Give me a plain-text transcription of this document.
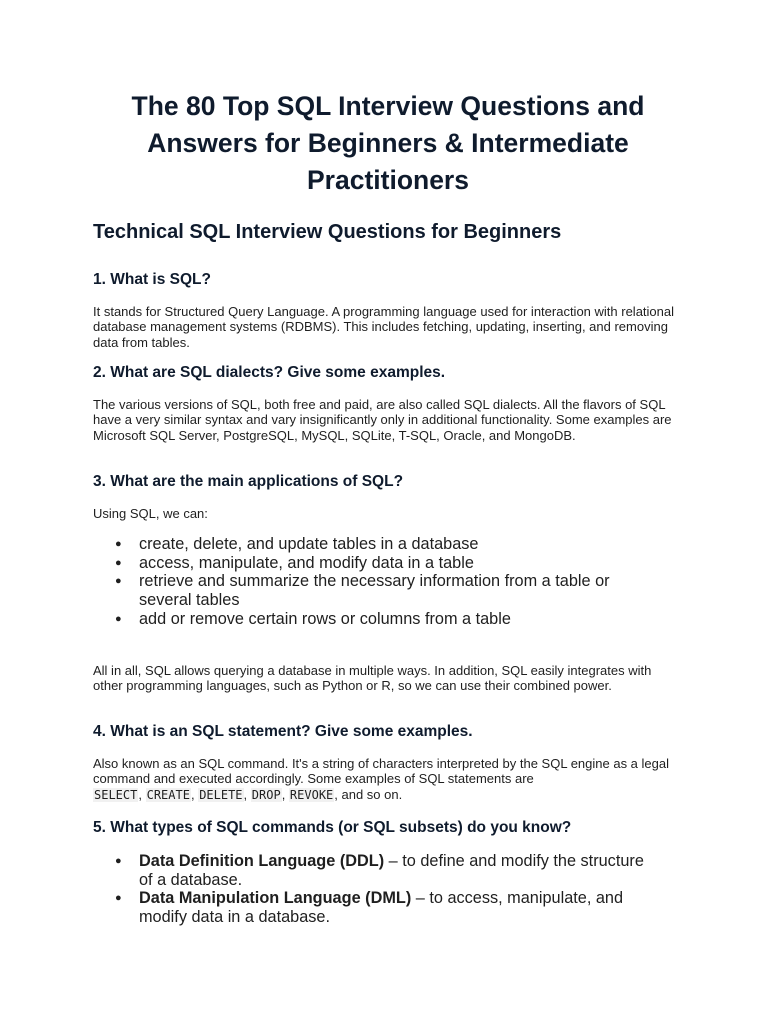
The 80 Top SQL Interview Questions and Answers for Beginners & Intermediate Practitioners
Technical SQL Interview Questions for Beginners
1. What is SQL?

It stands for Structured Query Language. A programming language used for interaction with relational database management systems (RDBMS). This includes fetching, updating, inserting, and removing data from tables.

2. What are SQL dialects? Give some examples.

The various versions of SQL, both free and paid, are also called SQL dialects. All the flavors of SQL have a very similar syntax and vary insignificantly only in additional functionality. Some examples are Microsoft SQL Server, PostgreSQL, MySQL, SQLite, T-SQL, Oracle, and MongoDB.

3. What are the main applications of SQL?

Using SQL, we can:

● create, delete, and update tables in a database
● access, manipulate, and modify data in a table
● retrieve and summarize the necessary information from a table or several tables
● add or remove certain rows or columns from a table

All in all, SQL allows querying a database in multiple ways. In addition, SQL easily integrates with other programming languages, such as Python or R, so we can use their combined power.

4. What is an SQL statement? Give some examples.

Also known as an SQL command. It's a string of characters interpreted by the SQL engine as a legal command and executed accordingly. Some examples of SQL statements are
SELECT, CREATE, DELETE, DROP, REVOKE, and so on.

5. What types of SQL commands (or SQL subsets) do you know?
● Data Definition Language (DDL) – to define and modify the structure of a database.
● Data Manipulation Language (DML) – to access, manipulate, and modify data in a database.
